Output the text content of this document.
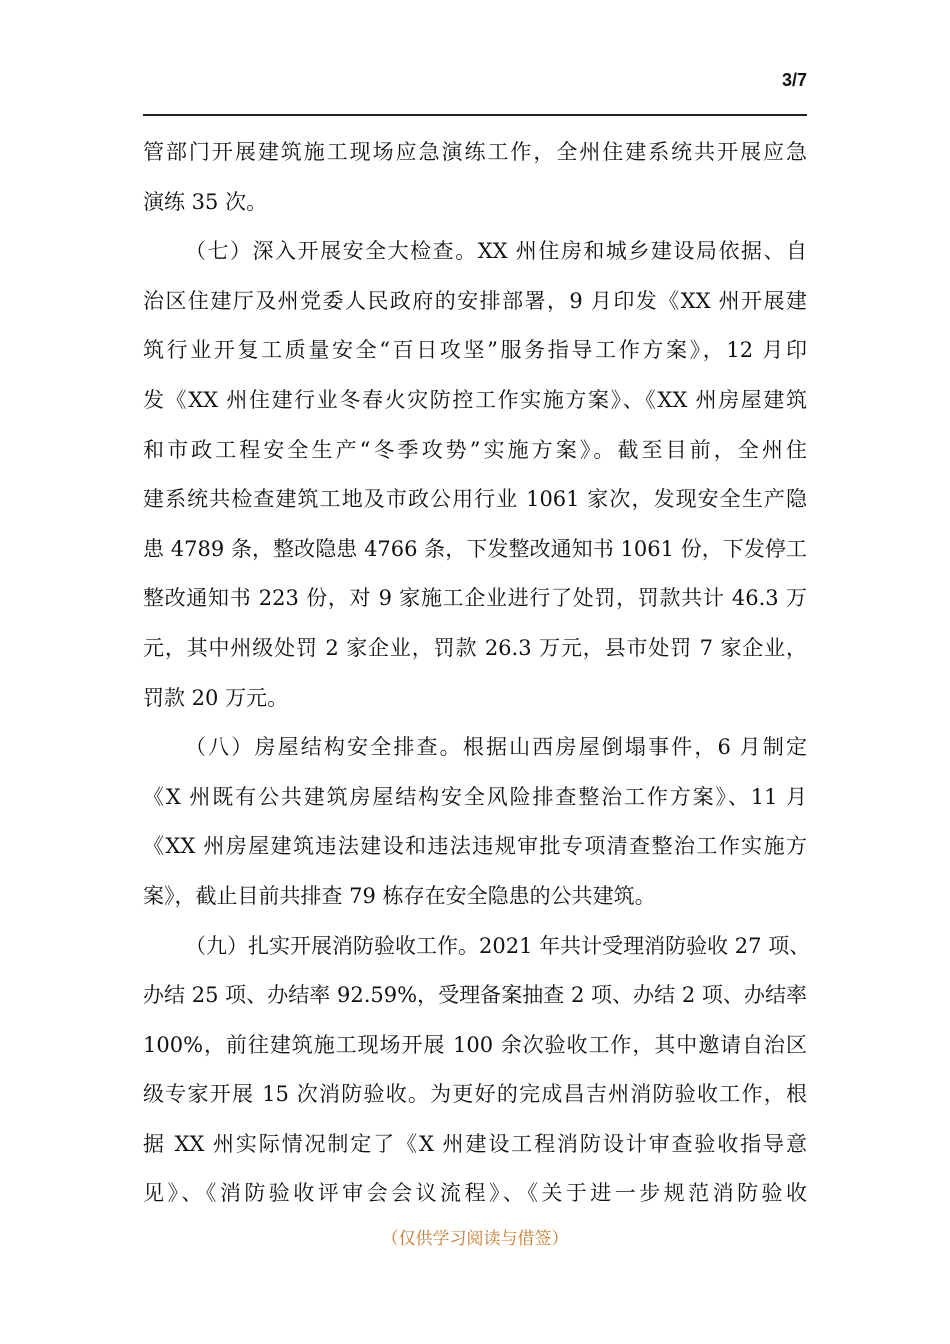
3/7
管部门开展建筑施工现场应急演练工作，全州住建系统共开展应急
演练 35 次。
（七）深入开展安全大检查。XX 州住房和城乡建设局依据、自
治区住建厅及州党委人民政府的安排部署，9 月印发《XX 州开展建
筑行业开复工质量安全“百日攻坚”服务指导工作方案》，12 月印
发《XX 州住建行业冬春火灾防控工作实施方案》、《XX 州房屋建筑
和市政工程安全生产“冬季攻势”实施方案》。截至目前，全州住
建系统共检查建筑工地及市政公用行业 1061 家次，发现安全生产隐
患 4789 条，整改隐患 4766 条，下发整改通知书 1061 份，下发停工
整改通知书 223 份，对 9 家施工企业进行了处罚，罚款共计 46.3 万
元，其中州级处罚 2 家企业，罚款 26.3 万元，县市处罚 7 家企业，
罚款 20 万元。
（八）房屋结构安全排查。根据山西房屋倒塌事件，6 月制定
《X 州既有公共建筑房屋结构安全风险排查整治工作方案》、11 月
《XX 州房屋建筑违法建设和违法违规审批专项清查整治工作实施方
案》，截止目前共排查 79 栋存在安全隐患的公共建筑。
（九）扎实开展消防验收工作。2021 年共计受理消防验收 27 项、
办结 25 项、办结率 92.59%，受理备案抽查 2 项、办结 2 项、办结率
100%，前往建筑施工现场开展 100 余次验收工作，其中邀请自治区
级专家开展 15 次消防验收。为更好的完成昌吉州消防验收工作，根
据 XX 州实际情况制定了《X 州建设工程消防设计审查验收指导意
见》、《消防验收评审会会议流程》、《关于进一步规范消防验收
（仅供学习阅读与借签）
